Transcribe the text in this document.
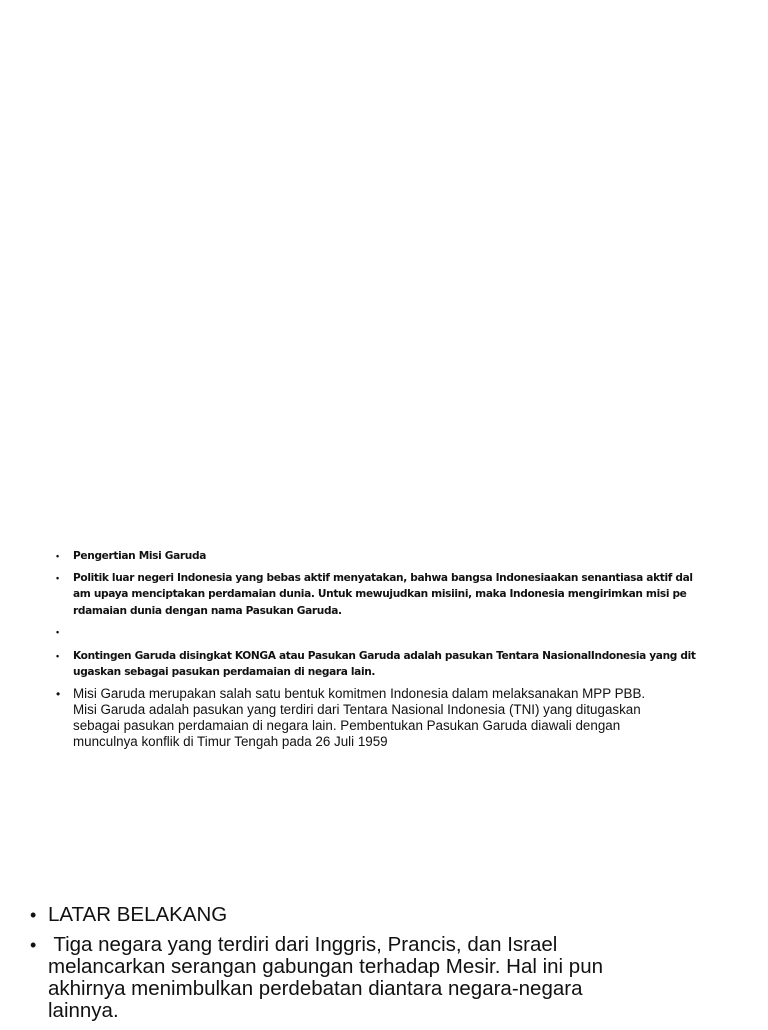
• Pengertian Misi Garuda
• Politik luar negeri Indonesia yang bebas aktif menyatakan, bahwa bangsa Indonesiaakan senantiasa aktif dal
am upaya menciptakan perdamaian dunia. Untuk mewujudkan misiini, maka Indonesia mengirimkan misi pe
rdamaian dunia dengan nama Pasukan Garuda.
•
• Kontingen Garuda disingkat KONGA atau Pasukan Garuda adalah pasukan Tentara NasionalIndonesia yang dit
ugaskan sebagai pasukan perdamaian di negara lain.
• Misi Garuda merupakan salah satu bentuk komitmen Indonesia dalam melaksanakan MPP PBB.
Misi Garuda adalah pasukan yang terdiri dari Tentara Nasional Indonesia (TNI) yang ditugaskan
sebagai pasukan perdamaian di negara lain. Pembentukan Pasukan Garuda diawali dengan
munculnya konflik di Timur Tengah pada 26 Juli 1959
• LATAR BELAKANG
•  Tiga negara yang terdiri dari Inggris, Prancis, dan Israel
melancarkan serangan gabungan terhadap Mesir. Hal ini pun
akhirnya menimbulkan perdebatan diantara negara-negara
lainnya.
